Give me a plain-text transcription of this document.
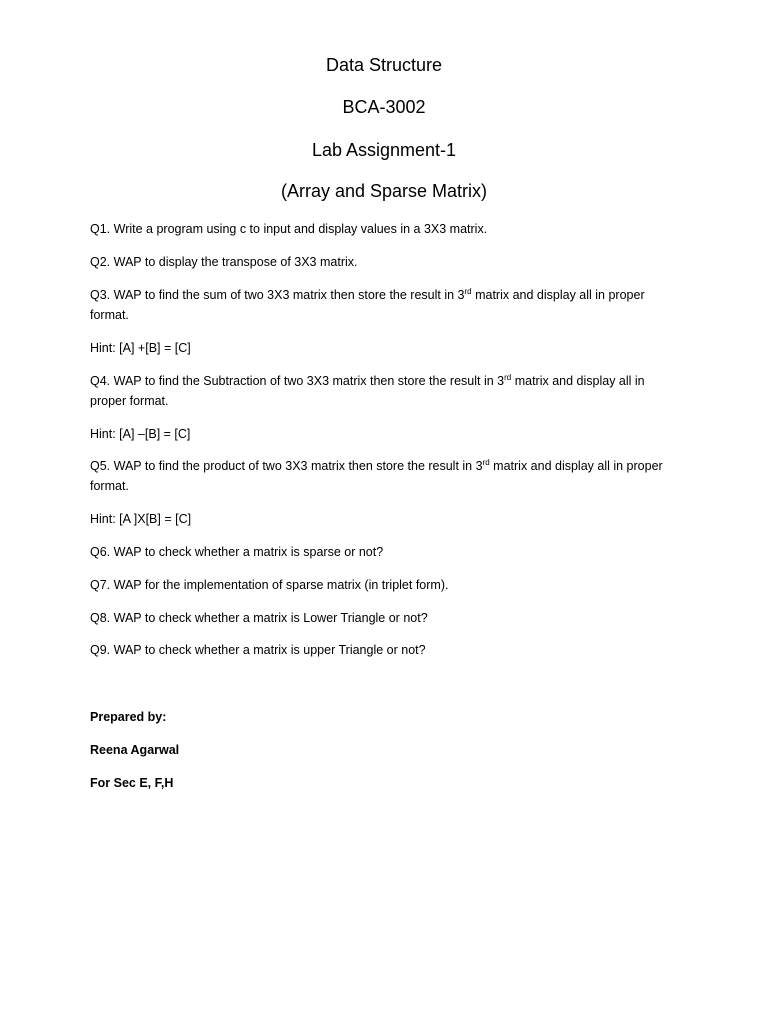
Data Structure
BCA-3002
Lab Assignment-1
(Array and Sparse Matrix)
Q1. Write a program using c to input and display values in a 3X3 matrix.
Q2. WAP to display the transpose of 3X3 matrix.
Q3. WAP to find the sum of two 3X3 matrix then store the result in 3rd matrix and display all in proper format.
Hint: [A] +[B] = [C]
Q4. WAP to find the Subtraction of two 3X3 matrix then store the result in 3rd matrix and display all in proper format.
Hint: [A] –[B] = [C]
Q5. WAP to find the product of two 3X3 matrix then store the result in 3rd matrix and display all in proper format.
Hint: [A ]X[B] = [C]
Q6. WAP to check whether a matrix is sparse or not?
Q7. WAP for the implementation of sparse matrix (in triplet form).
Q8. WAP to check whether a matrix is Lower Triangle or not?
Q9. WAP to check whether a matrix is upper Triangle or not?
Prepared by:
Reena Agarwal
For Sec E, F,H
